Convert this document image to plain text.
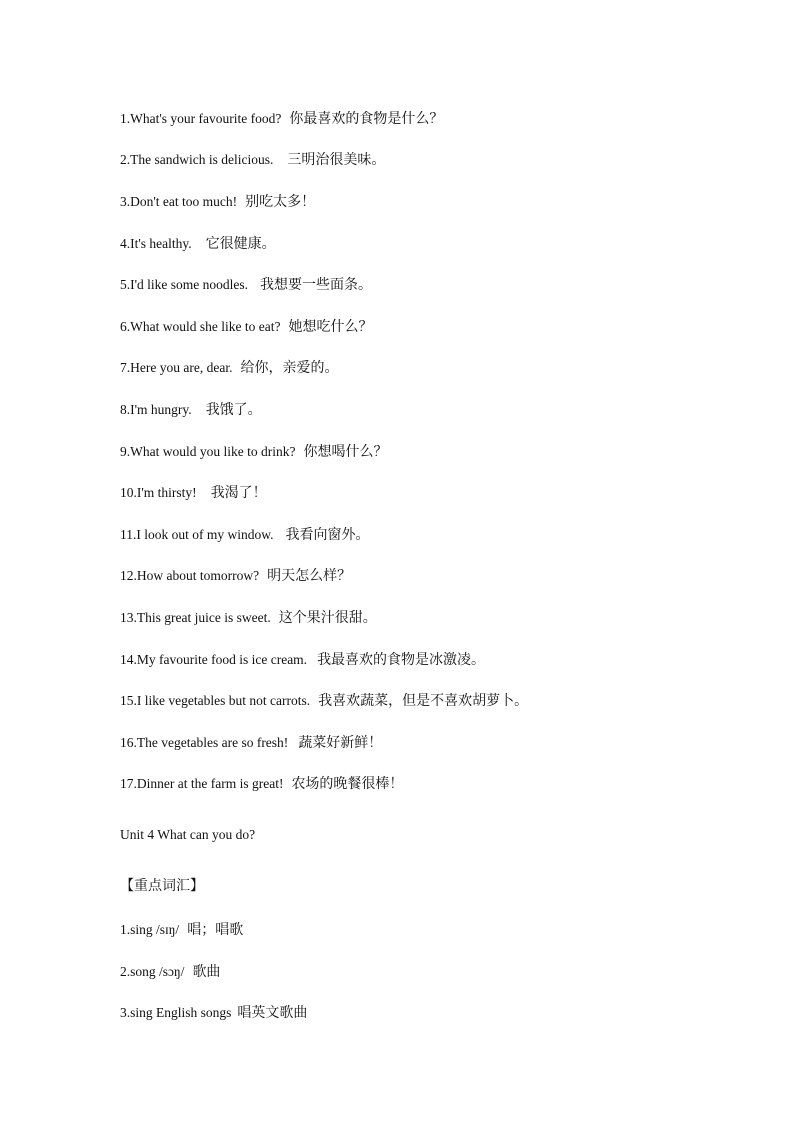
1.What's your favourite food? 你最喜欢的食物是什么？
2.The sandwich is delicious. 三明治很美味。
3.Don't eat too much! 别吃太多！
4.It's healthy. 它很健康。
5.I'd like some noodles. 我想要一些面条。
6.What would she like to eat? 她想吃什么？
7.Here you are, dear. 给你，亲爱的。
8.I'm hungry. 我饿了。
9.What would you like to drink? 你想喝什么？
10.I'm thirsty! 我渴了！
11.I look out of my window. 我看向窗外。
12.How about tomorrow? 明天怎么样？
13.This great juice is sweet. 这个果汁很甜。
14.My favourite food is ice cream. 我最喜欢的食物是冰激凌。
15.I like vegetables but not carrots. 我喜欢蔬菜，但是不喜欢胡萝卜。
16.The vegetables are so fresh! 蔬菜好新鲜！
17.Dinner at the farm is great! 农场的晚餐很棒！
Unit 4 What can you do?
【重点词汇】
1.sing /sɪŋ/ 唱；唱歌
2.song /sɔŋ/ 歌曲
3.sing English songs 唱英文歌曲
